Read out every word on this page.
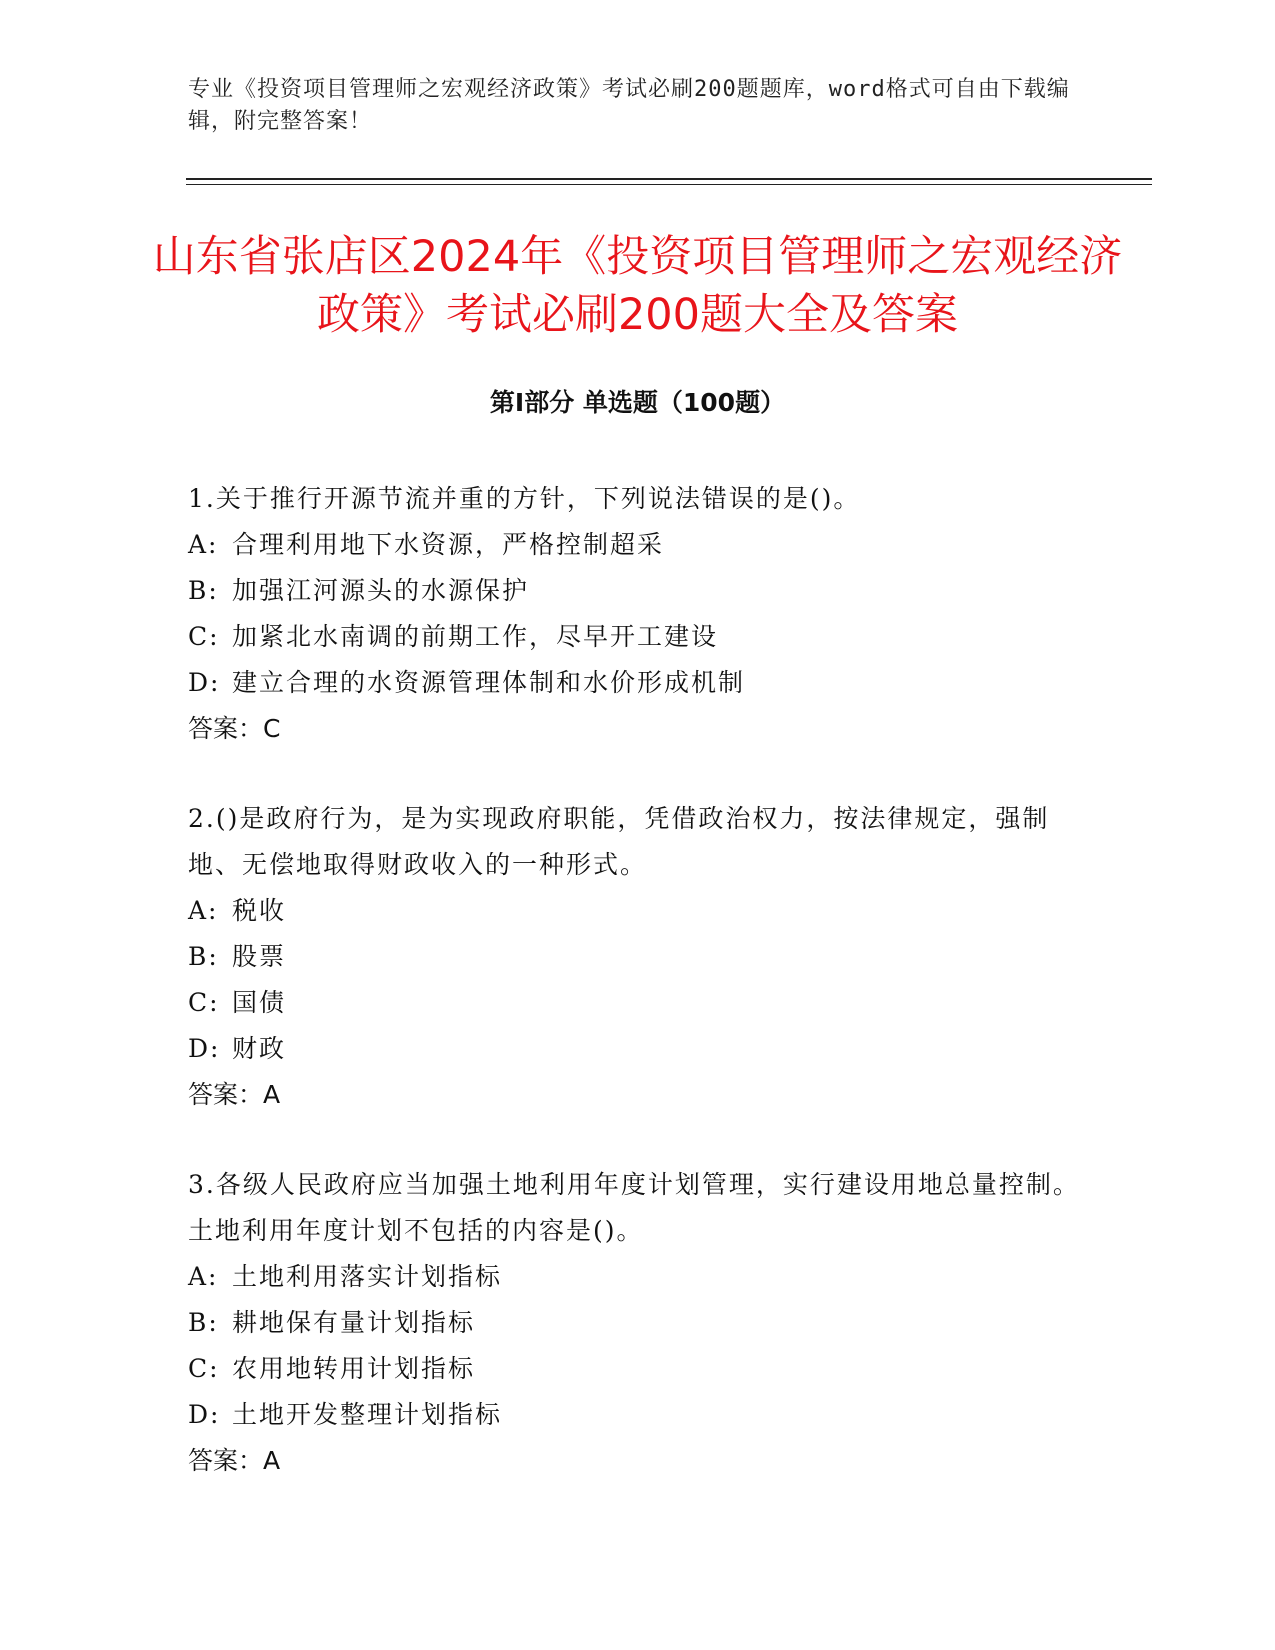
专业《投资项目管理师之宏观经济政策》考试必刷200题题库，word格式可自由下载编辑，附完整答案！
山东省张店区2024年《投资项目管理师之宏观经济政策》考试必刷200题大全及答案
第I部分 单选题（100题）

1.关于推行开源节流并重的方针，下列说法错误的是()。

A: 合理利用地下水资源，严格控制超采

B: 加强江河源头的水源保护

C: 加紧北水南调的前期工作，尽早开工建设

D: 建立合理的水资源管理体制和水价形成机制

答案：C

2.()是政府行为，是为实现政府职能，凭借政治权力，按法律规定，强制地、无偿地取得财政收入的一种形式。

A: 税收

B: 股票

C: 国债

D: 财政

答案：A

3.各级人民政府应当加强土地利用年度计划管理，实行建设用地总量控制。土地利用年度计划不包括的内容是()。

A: 土地利用落实计划指标

B: 耕地保有量计划指标

C: 农用地转用计划指标

D: 土地开发整理计划指标

答案：A
